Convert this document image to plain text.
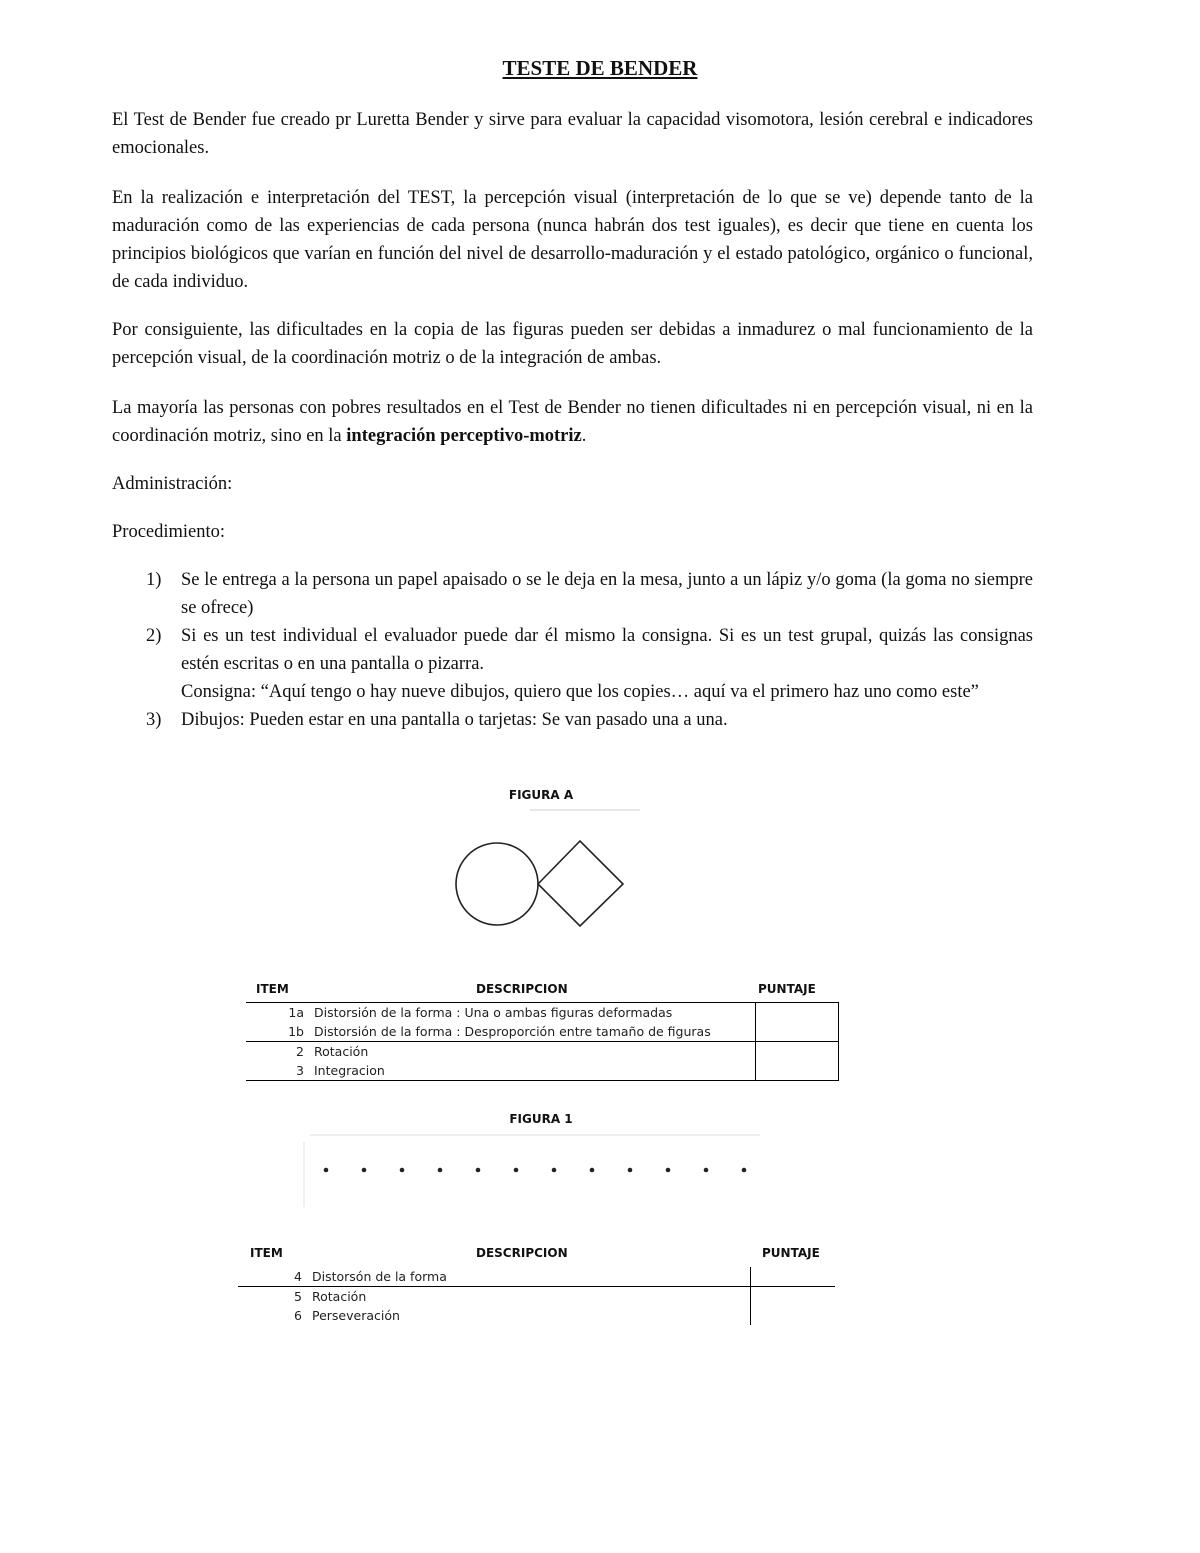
TESTE DE BENDER

El Test de Bender fue creado pr Luretta Bender y sirve para evaluar la capacidad visomotora, lesión cerebral e indicadores emocionales.

En la realización e interpretación del TEST, la percepción visual (interpretación de lo que se ve) depende tanto de la maduración como de las experiencias de cada persona (nunca habrán dos test iguales), es decir que tiene en cuenta los principios biológicos que varían en función del nivel de desarrollo-maduración y el estado patológico, orgánico o funcional, de cada individuo.

Por consiguiente, las dificultades en la copia de las figuras pueden ser debidas a inmadurez o mal funcionamiento de la percepción visual, de la coordinación motriz o de la integración de ambas.

La mayoría las personas con pobres resultados en el Test de Bender no tienen dificultades ni en percepción visual, ni en la coordinación motriz, sino en la integración perceptivo-motriz.

Administración:

Procedimiento:

1) Se le entrega a la persona un papel apaisado o se le deja en la mesa, junto a un lápiz y/o goma (la goma no siempre se ofrece)
2) Si es un test individual el evaluador puede dar él mismo la consigna. Si es un test grupal, quizás las consignas estén escritas o en una pantalla o pizarra.
Consigna: “Aquí tengo o hay nueve dibujos, quiero que los copies… aquí va el primero haz uno como este”
3) Dibujos: Pueden estar en una pantalla o tarjetas: Se van pasado una a una.
FIGURA A
ITEM	DESCRIPCION	PUNTAJE
1a	Distorsión de la forma : Una o ambas figuras deformadas	
1b	Distorsión de la forma : Desproporción entre tamaño de figuras	
2	Rotación	
3	Integracion	
FIGURA 1
ITEM	DESCRIPCION	PUNTAJE
4	Distorsón de la forma	
5	Rotación	
6	Perseveración	
